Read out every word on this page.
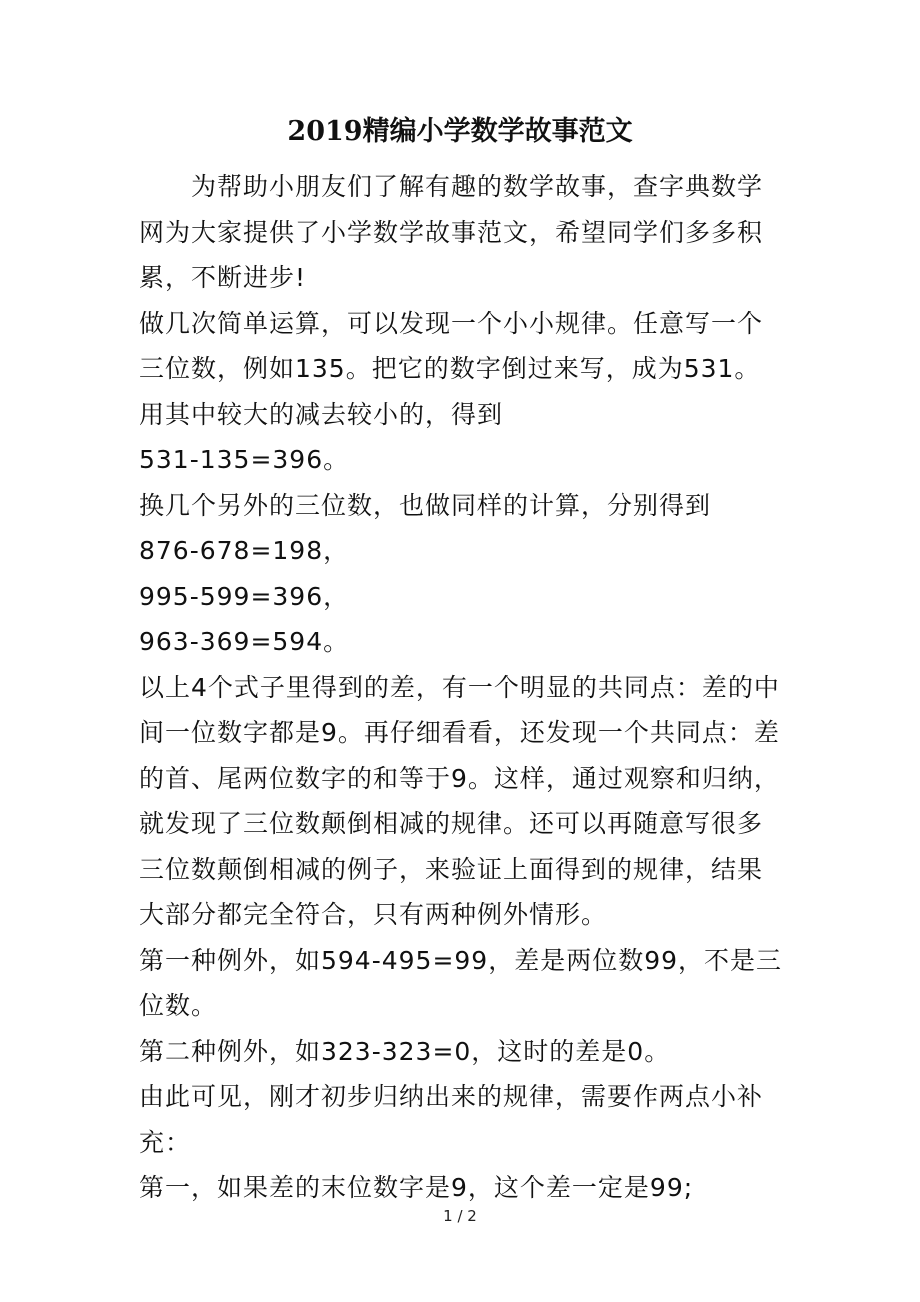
2019精编小学数学故事范文

为帮助小朋友们了解有趣的数学故事，查字典数学网为大家提供了小学数学故事范文，希望同学们多多积累，不断进步!

做几次简单运算，可以发现一个小小规律。任意写一个三位数，例如135。把它的数字倒过来写，成为531。用其中较大的减去较小的，得到

531-135=396。

换几个另外的三位数，也做同样的计算，分别得到

876-678=198，

995-599=396，

963-369=594。

以上4个式子里得到的差，有一个明显的共同点：差的中间一位数字都是9。再仔细看看，还发现一个共同点：差的首、尾两位数字的和等于9。这样，通过观察和归纳，就发现了三位数颠倒相减的规律。还可以再随意写很多三位数颠倒相减的例子，来验证上面得到的规律，结果大部分都完全符合，只有两种例外情形。

第一种例外，如594-495=99，差是两位数99，不是三位数。

第二种例外，如323-323=0，这时的差是0。

由此可见，刚才初步归纳出来的规律，需要作两点小补充：

第一，如果差的末位数字是9，这个差一定是99;

1 / 2
